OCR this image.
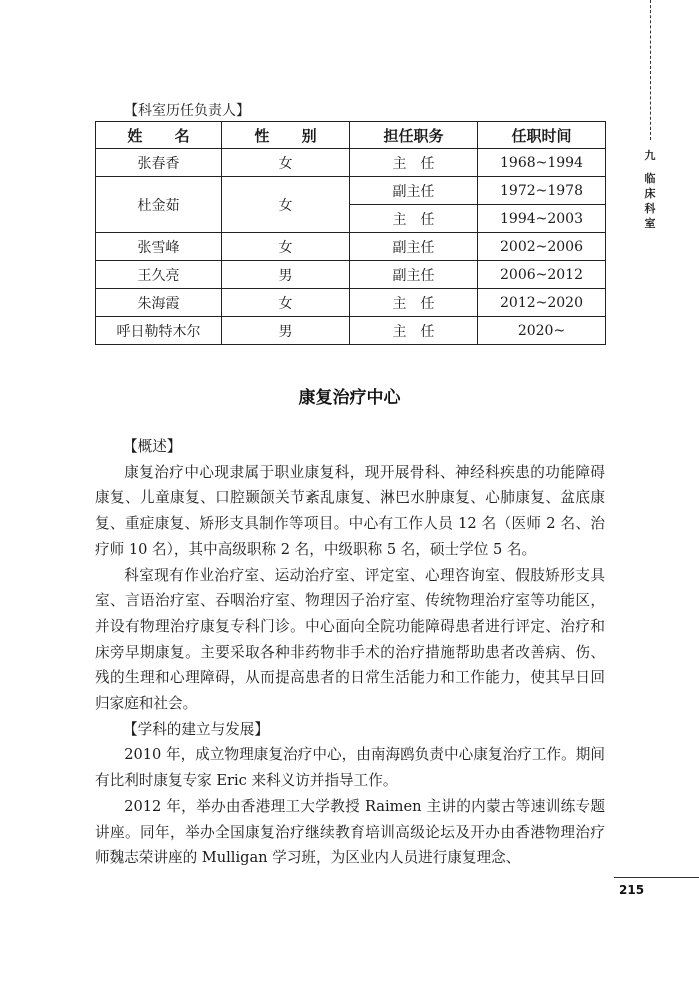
九
临床科室
【科室历任负责人】
姓 名	性 别	担任职务	任职时间
张春香	女	主　任	1968~1994
杜金茹	女	副主任	1972~1978
		主　任	1994~2003
张雪峰	女	副主任	2002~2006
王久亮	男	副主任	2006~2012
朱海霞	女	主　任	2012~2020
呼日勒特木尔	男	主　任	2020~
康复治疗中心
【概述】

康复治疗中心现隶属于职业康复科，现开展骨科、神经科疾患的功能障碍康复、儿童康复、口腔颞颌关节紊乱康复、淋巴水肿康复、心肺康复、盆底康复、重症康复、矫形支具制作等项目。中心有工作人员 12 名（医师 2 名、治疗师 10 名），其中高级职称 2 名，中级职称 5 名，硕士学位 5 名。

科室现有作业治疗室、运动治疗室、评定室、心理咨询室、假肢矫形支具室、言语治疗室、吞咽治疗室、物理因子治疗室、传统物理治疗室等功能区，并设有物理治疗康复专科门诊。中心面向全院功能障碍患者进行评定、治疗和床旁早期康复。主要采取各种非药物非手术的治疗措施帮助患者改善病、伤、残的生理和心理障碍，从而提高患者的日常生活能力和工作能力，使其早日回归家庭和社会。

【学科的建立与发展】

2010 年，成立物理康复治疗中心，由南海鸥负责中心康复治疗工作。期间有比利时康复专家 Eric 来科义访并指导工作。

2012 年，举办由香港理工大学教授 Raimen 主讲的内蒙古等速训练专题讲座。同年，举办全国康复治疗继续教育培训高级论坛及开办由香港物理治疗师魏志荣讲座的 Mulligan 学习班，为区业内人员进行康复理念、

215
